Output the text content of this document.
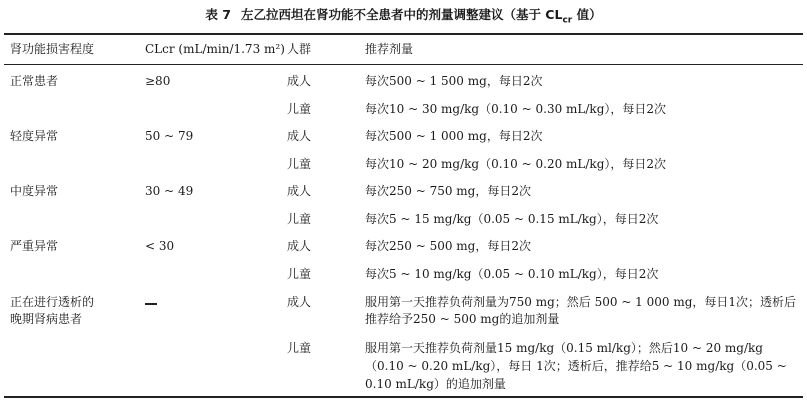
表 7 左乙拉西坦在肾功能不全患者中的剂量调整建议（基于 $CL_{cr}$ 值）
肾功能损害程度	CLcr (mL/min/1.73 m²) 人群	推荐剂量
正常患者	≥80	成人	每次500 ~ 1 500 mg，每日2次
儿童	每次10 ~ 30 mg/kg（0.10 ~ 0.30 mL/kg），每日2次
轻度异常	50 ~ 79	成人	每次500 ~ 1 000 mg，每日2次
儿童	每次10 ~ 20 mg/kg（0.10 ~ 0.20 mL/kg），每日2次
中度异常	30 ~ 49	成人	每次250 ~ 750 mg，每日2次
儿童	每次5 ~ 15 mg/kg（0.05 ~ 0.15 mL/kg），每日2次
严重异常	< 30	成人	每次250 ~ 500 mg，每日2次
儿童	每次5 ~ 10 mg/kg（0.05 ~ 0.10 mL/kg），每日2次
正在进行透析的
晚期肾病患者
成人	服用第一天推荐负荷剂量为750 mg；然后 500 ~ 1 000 mg，每日1次；透析后
推荐给予250 ~ 500 mg的追加剂量
儿童	服用第一天推荐负荷剂量15 mg/kg（0.15 ml/kg）；然后10 ~ 20 mg/kg
（0.10 ~ 0.20 mL/kg），每日 1次；透析后，推荐给5 ~ 10 mg/kg（0.05 ~
0.10 mL/kg）的追加剂量
